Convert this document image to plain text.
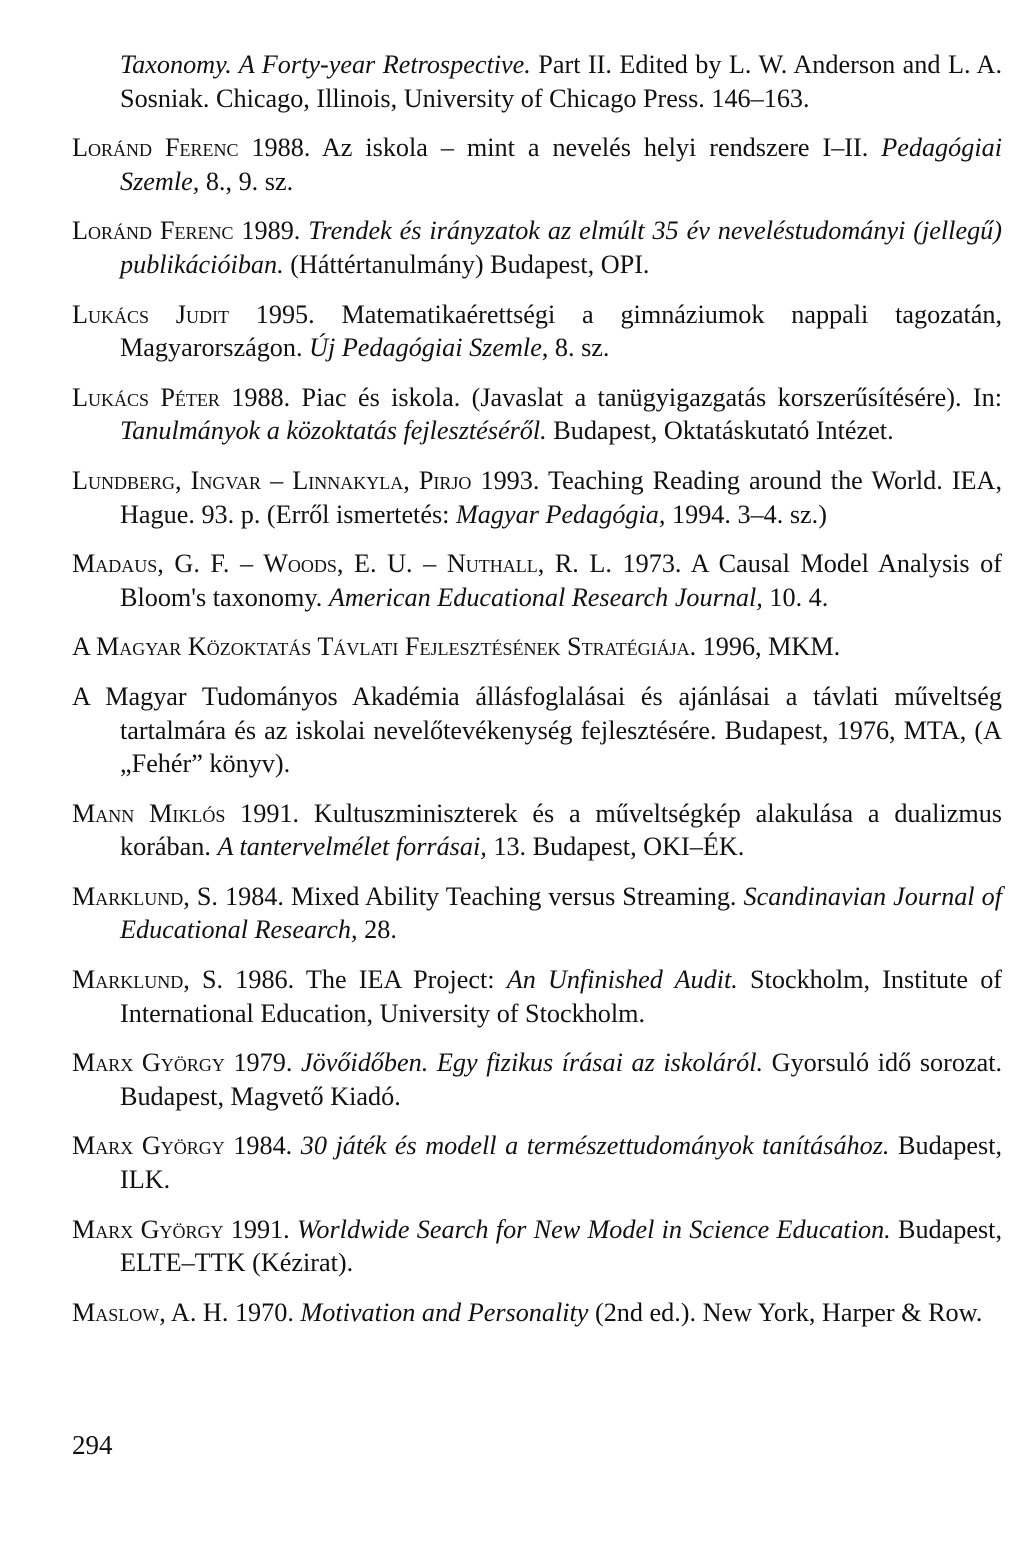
Taxonomy. A Forty-year Retrospective. Part II. Edited by L. W. Anderson and L. A. Sosniak. Chicago, Illinois, University of Chicago Press. 146–163.

Loránd Ferenc 1988. Az iskola – mint a nevelés helyi rendszere I–II. Pedagógiai Szemle, 8., 9. sz.

Loránd Ferenc 1989. Trendek és irányzatok az elmúlt 35 év neveléstudományi (jellegű) publikációiban. (Háttértanulmány) Budapest, OPI.

Lukács Judit 1995. Matematikaérettségi a gimnáziumok nappali tagozatán, Magyarországon. Új Pedagógiai Szemle, 8. sz.

Lukács Péter 1988. Piac és iskola. (Javaslat a tanügyigazgatás korszerűsítésére). In: Tanulmányok a közoktatás fejlesztéséről. Budapest, Oktatáskutató Intézet.

Lundberg, Ingvar – Linnakyla, Pirjo 1993. Teaching Reading around the World. IEA, Hague. 93. p. (Erről ismertetés: Magyar Pedagógia, 1994. 3–4. sz.)

Madaus, G. F. – Woods, E. U. – Nuthall, R. L. 1973. A Causal Model Analysis of Bloom's taxonomy. American Educational Research Journal, 10. 4.

A Magyar Közoktatás Távlati Fejlesztésének Stratégiája. 1996, MKM.

A Magyar Tudományos Akadémia állásfoglalásai és ajánlásai a távlati műveltség tartalmára és az iskolai nevelőtevékenység fejlesztésére. Budapest, 1976, MTA, (A „Fehér” könyv).

Mann Miklós 1991. Kultuszminiszterek és a műveltségkép alakulása a dualizmus korában. A tantervelmélet forrásai, 13. Budapest, OKI–ÉK.

Marklund, S. 1984. Mixed Ability Teaching versus Streaming. Scandinavian Journal of Educational Research, 28.

Marklund, S. 1986. The IEA Project: An Unfinished Audit. Stockholm, Institute of International Education, University of Stockholm.

Marx György 1979. Jövőidőben. Egy fizikus írásai az iskoláról. Gyorsuló idő sorozat. Budapest, Magvető Kiadó.

Marx György 1984. 30 játék és modell a természettudományok tanításához. Budapest, ILK.

Marx György 1991. Worldwide Search for New Model in Science Education. Budapest, ELTE–TTK (Kézirat).

Maslow, A. H. 1970. Motivation and Personality (2nd ed.). New York, Harper & Row.

294
